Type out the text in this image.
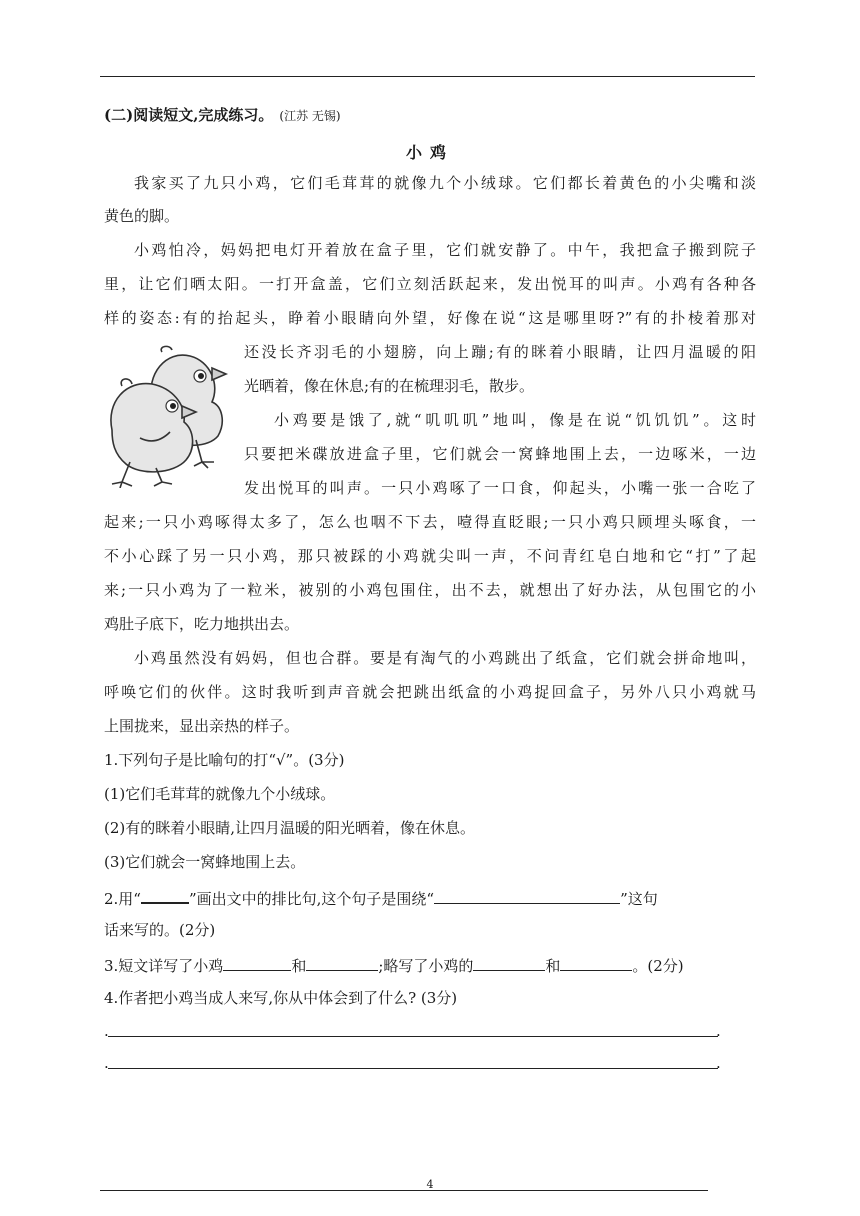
(二)阅读短文,完成练习。 (江苏 无锡)
小鸡
我家买了九只小鸡，它们毛茸茸的就像九个小绒球。它们都长着黄色的小尖嘴和淡
黄色的脚。
小鸡怕冷，妈妈把电灯开着放在盒子里，它们就安静了。中午，我把盒子搬到院子
里，让它们晒太阳。一打开盒盖，它们立刻活跃起来，发出悦耳的叫声。小鸡有各种各
样的姿态:有的抬起头，睁着小眼睛向外望，好像在说“这是哪里呀?”有的扑棱着那对
还没长齐羽毛的小翅膀，向上蹦;有的眯着小眼睛，让四月温暖的阳
光晒着，像在休息;有的在梳理羽毛，散步。
小鸡要是饿了,就“叽叽叽”地叫，像是在说“饥饥饥”。这时
只要把米碟放进盒子里，它们就会一窝蜂地围上去，一边啄米，一边
发出悦耳的叫声。一只小鸡啄了一口食，仰起头，小嘴一张一合吃了
起来;一只小鸡啄得太多了，怎么也咽不下去，噎得直眨眼;一只小鸡只顾埋头啄食，一
不小心踩了另一只小鸡，那只被踩的小鸡就尖叫一声，不问青红皂白地和它“打”了起
来;一只小鸡为了一粒米，被别的小鸡包围住，出不去，就想出了好办法，从包围它的小
鸡肚子底下，吃力地拱出去。
小鸡虽然没有妈妈，但也合群。要是有淘气的小鸡跳出了纸盒，它们就会拼命地叫，
呼唤它们的伙伴。这时我听到声音就会把跳出纸盒的小鸡捉回盒子，另外八只小鸡就马
上围拢来，显出亲热的样子。
1.下列句子是比喻句的打“√”。(3分)
(1)它们毛茸茸的就像九个小绒球。
(2)有的眯着小眼睛,让四月温暖的阳光晒着，像在休息。
(3)它们就会一窝蜂地围上去。
2.用“	”画出文中的排比句,这个句子是围绕“	”这句
话来写的。(2分)
3.短文详写了小鸡	和	;略写了小鸡的	和	。(2分)
4.作者把小鸡当成人来写,你从中体会到了什么? (3分)
.	.
.	.
4
